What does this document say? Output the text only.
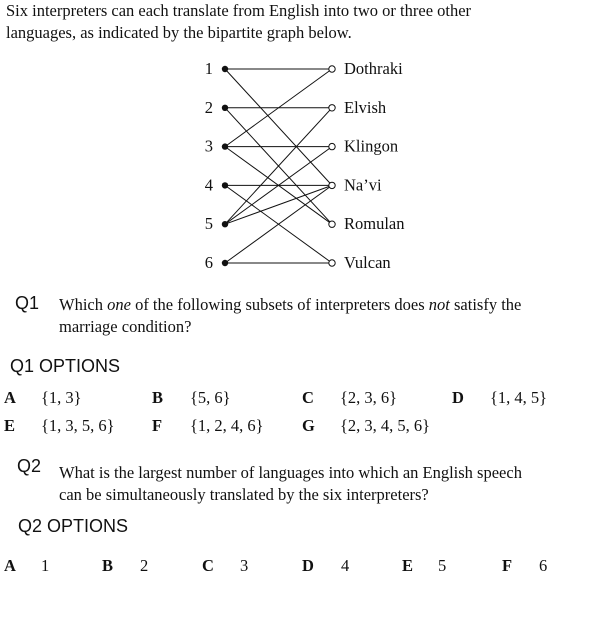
Six interpreters can each translate from English into two or three other
languages, as indicated by the bipartite graph below.
1
2
3
4
5
6
Dothraki
Elvish
Klingon
Na’vi
Romulan
Vulcan
Q1 Which one of the following subsets of interpreters does not satisfy the
marriage condition?
Q1 OPTIONS
A {1, 3}	B {5, 6}	C {2, 3, 6}	D {1, 4, 5}
E {1, 3, 5, 6} F {1, 2, 4, 6} G {2, 3, 4, 5, 6}
Q2 What is the largest number of languages into which an English speech
can be simultaneously translated by the six interpreters?
Q2 OPTIONS
A 1	B 2	C 3	D 4	E 5	F 6
